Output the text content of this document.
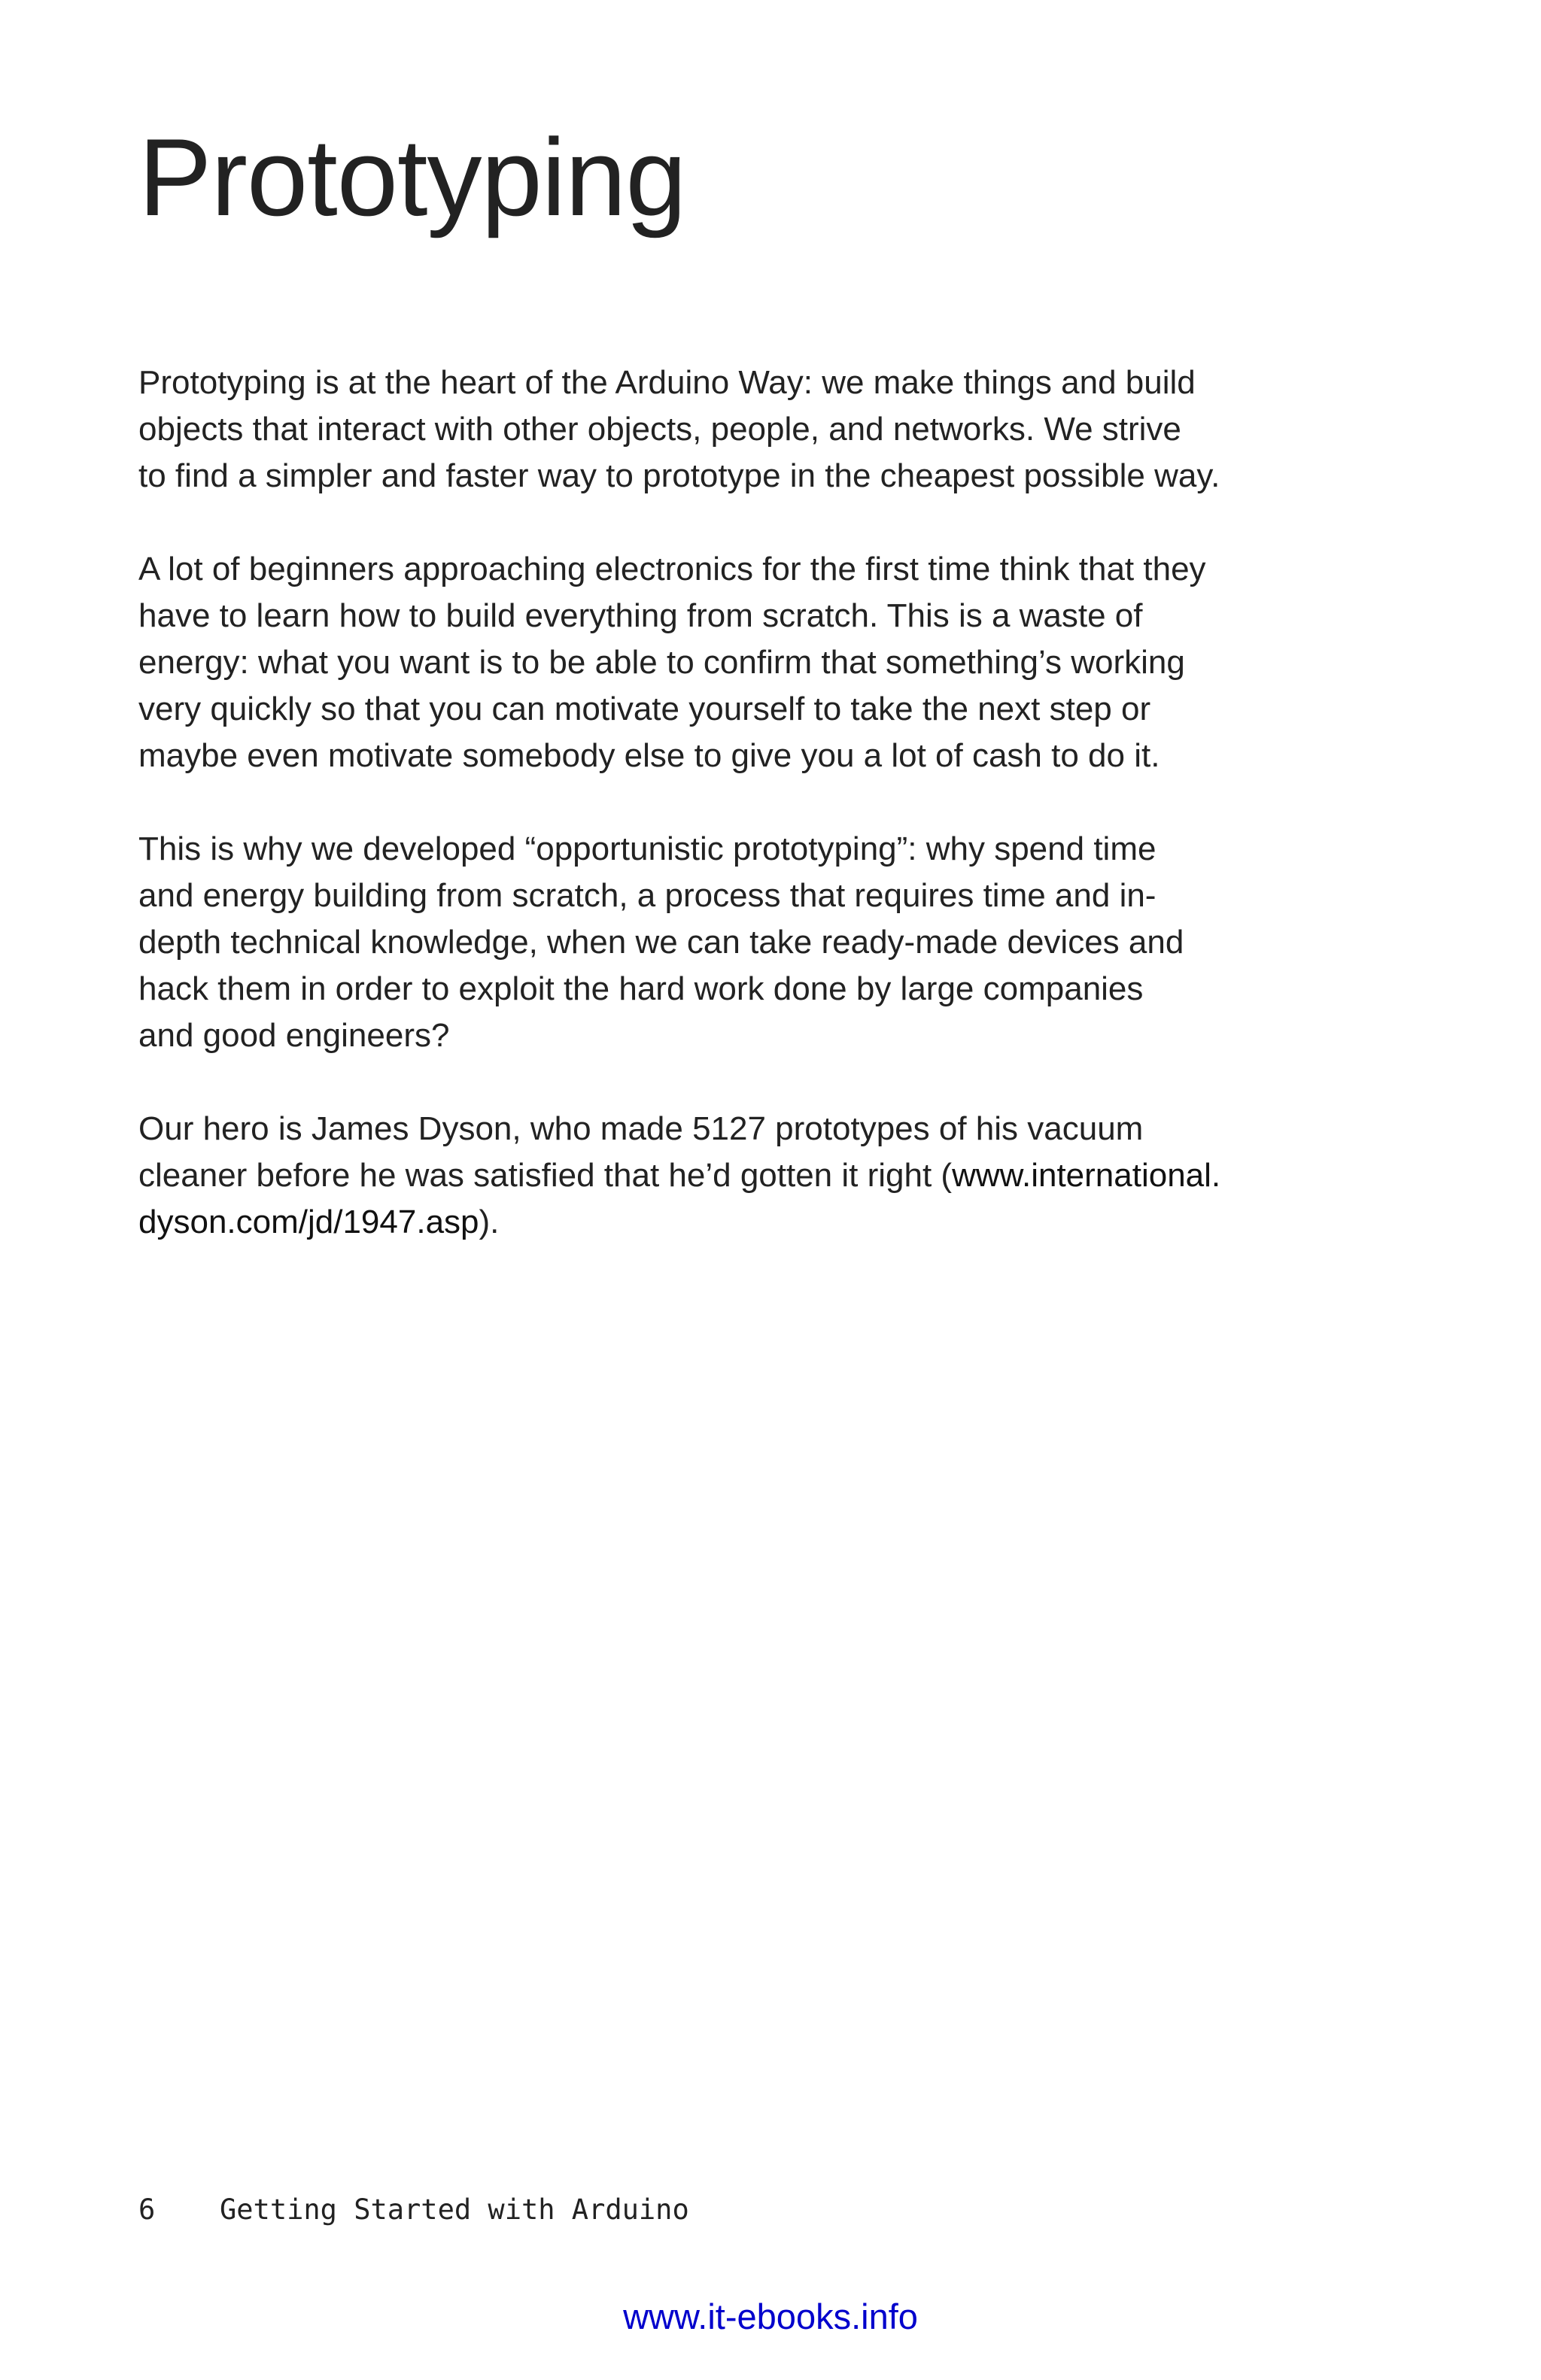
Prototyping

Prototyping is at the heart of the Arduino Way: we make things and build
objects that interact with other objects, people, and networks. We strive
to find a simpler and faster way to prototype in the cheapest possible way.

A lot of beginners approaching electronics for the first time think that they
have to learn how to build everything from scratch. This is a waste of
energy: what you want is to be able to confirm that something’s working
very quickly so that you can motivate yourself to take the next step or
maybe even motivate somebody else to give you a lot of cash to do it.

This is why we developed “opportunistic prototyping”: why spend time
and energy building from scratch, a process that requires time and in-
depth technical knowledge, when we can take ready-made devices and
hack them in order to exploit the hard work done by large companies
and good engineers?

Our hero is James Dyson, who made 5127 prototypes of his vacuum
cleaner before he was satisfied that he’d gotten it right (www.international.
dyson.com/jd/1947.asp).

6 Getting Started with Arduino
www.it-ebooks.info
